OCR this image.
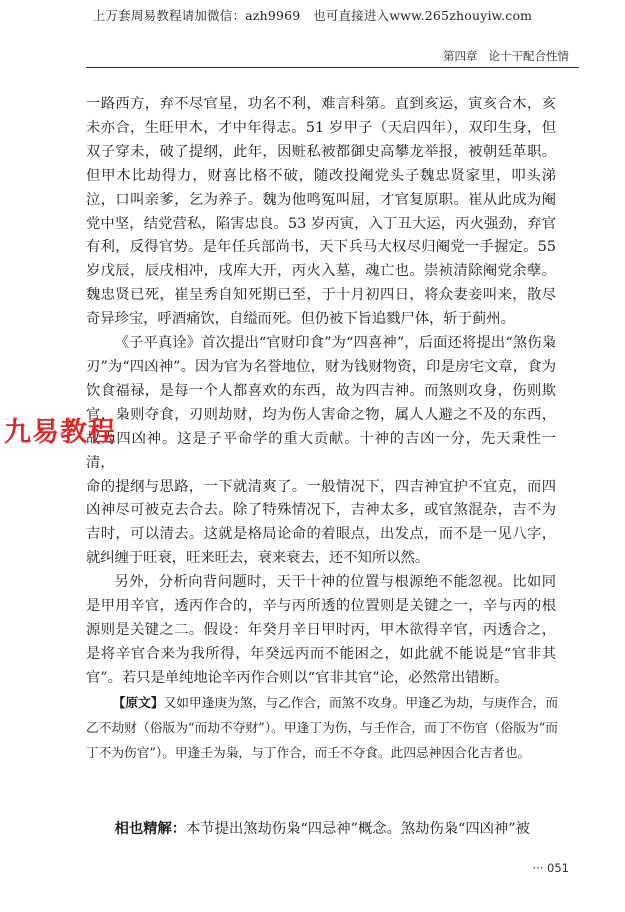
上万套周易教程请加微信：azh9969　也可直接进入www.265zhouyiw.com
第四章 论十干配合性情

一路西方，弃不尽官星，功名不利，难言科第。直到亥运，寅亥合木，亥未亦合，生旺甲木，才中年得志。51 岁甲子（天启四年），双印生身，但双子穿未，破了提纲，此年，因赃私被都御史高攀龙举报，被朝廷革职。但甲木比劫得力，财喜比格不破，随改投阉党头子魏忠贤家里，叩头涕泣，口叫亲爹，乞为养子。魏为他鸣冤叫屈，才官复原职。崔从此成为阉党中坚，结党营私，陷害忠良。53 岁丙寅，入丁丑大运，丙火强劲，弃官有利，反得官势。是年任兵部尚书，天下兵马大权尽归阉党一手握定。55 岁戊辰，辰戌相冲，戌库大开，丙火入墓，魂亡也。崇祯清除阉党余孽。魏忠贤已死，崔呈秀自知死期已至，于十月初四日，将众妻妾叫来，散尽奇异珍宝，呼酒痛饮，自缢而死。但仍被下旨追戮尸体，斩于蓟州。

《子平真诠》首次提出“官财印食”为“四喜神”，后面还将提出“煞伤枭刃”为“四凶神”。因为官为名誉地位，财为钱财物资，印是房宅文章，食为饮食福禄，是每一个人都喜欢的东西，故为四吉神。而煞则攻身，伤则欺官，枭则夺食，刃则劫财，均为伤人害命之物，属人人避之不及的东西，故为四凶神。这是子平命学的重大贡献。十神的吉凶一分，先天秉性一清，

命的提纲与思路，一下就清爽了。一般情况下，四吉神宜护不宜克，而四凶神尽可被克去合去。除了特殊情况下，吉神太多，或官煞混杂，吉不为吉时，可以清去。这就是格局论命的着眼点，出发点，而不是一见八字，就纠缠于旺衰，旺来旺去，衰来衰去，还不知所以然。

另外，分析向背问题时，天干十神的位置与根源绝不能忽视。比如同是甲用辛官，透丙作合的，辛与丙所透的位置则是关键之一，辛与丙的根源则是关键之二。假设：年癸月辛日甲时丙，甲木欲得辛官，丙透合之，是将辛官合来为我所得，年癸远丙而不能困之，如此就不能说是“官非其官”。若只是单纯地论辛丙作合则以“官非其官”论，必然常出错断。

【原文】又如甲逢庚为煞，与乙作合，而煞不攻身。甲逢乙为劫，与庚作合，而乙不劫财（俗版为“而劫不夺财”）。甲逢丁为伤，与壬作合，而丁不伤官（俗版为“而丁不为伤官”）。甲逢壬为枭，与丁作合，而壬不夺食。此四忌神因合化吉者也。

相也精解：本节提出煞劫伤枭“四忌神”概念。煞劫伤枭“四凶神”被

九易教程
··· 051
